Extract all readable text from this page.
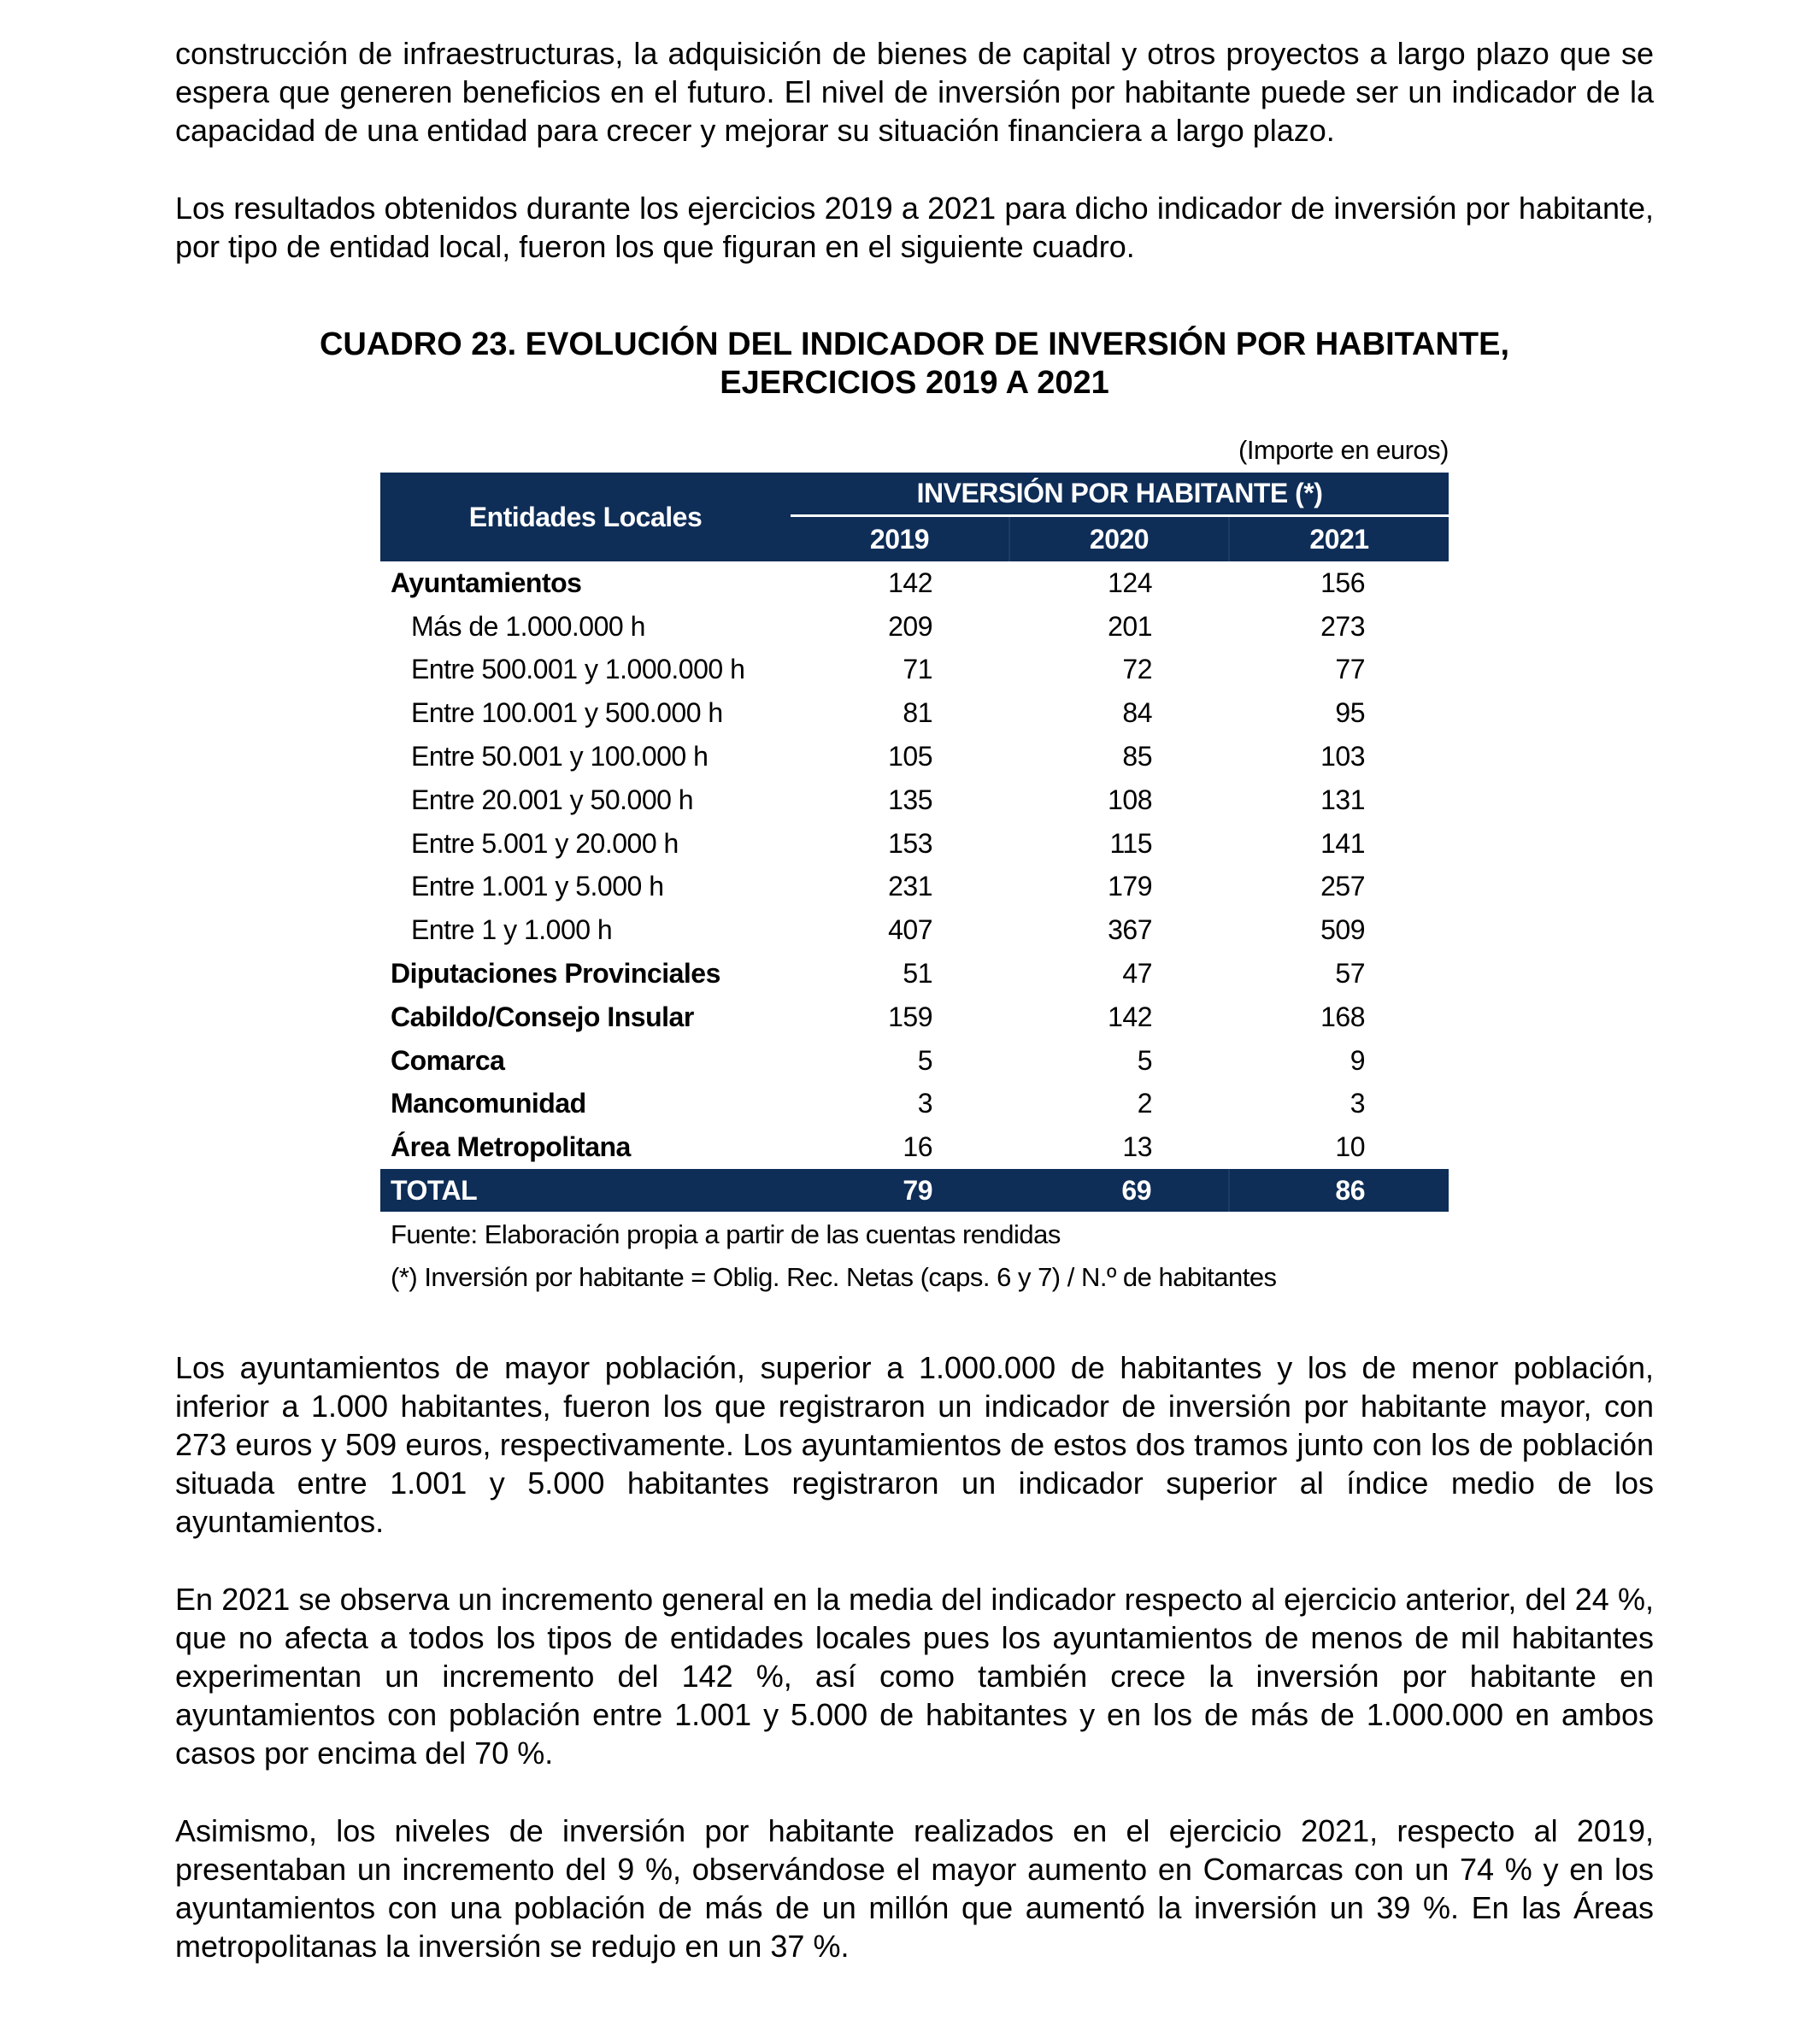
construcción de infraestructuras, la adquisición de bienes de capital y otros proyectos a largo plazo que se espera que generen beneficios en el futuro. El nivel de inversión por habitante puede ser un indicador de la capacidad de una entidad para crecer y mejorar su situación financiera a largo plazo.

Los resultados obtenidos durante los ejercicios 2019 a 2021 para dicho indicador de inversión por habitante, por tipo de entidad local, fueron los que figuran en el siguiente cuadro.

CUADRO 23. EVOLUCIÓN DEL INDICADOR DE INVERSIÓN POR HABITANTE,
EJERCICIOS 2019 A 2021
(Importe en euros)
Entidades Locales	INVERSIÓN POR HABITANTE (*)		
	2019	2020	2021
Ayuntamientos	142	124	156
Más de 1.000.000 h	209	201	273
Entre 500.001 y 1.000.000 h	71	72	77
Entre 100.001 y 500.000 h	81	84	95
Entre 50.001 y 100.000 h	105	85	103
Entre 20.001 y 50.000 h	135	108	131
Entre 5.001 y 20.000 h	153	115	141
Entre 1.001 y 5.000 h	231	179	257
Entre 1 y 1.000 h	407	367	509
Diputaciones Provinciales	51	47	57
Cabildo/Consejo Insular	159	142	168
Comarca	5	5	9
Mancomunidad	3	2	3
Área Metropolitana	16	13	10
TOTAL	79	69	86
Fuente: Elaboración propia a partir de las cuentas rendidas
(*) Inversión por habitante = Oblig. Rec. Netas (caps. 6 y 7) / N.º de habitantes

Los ayuntamientos de mayor población, superior a 1.000.000 de habitantes y los de menor población, inferior a 1.000 habitantes, fueron los que registraron un indicador de inversión por habitante mayor, con 273 euros y 509 euros, respectivamente. Los ayuntamientos de estos dos tramos junto con los de población situada entre 1.001 y 5.000 habitantes registraron un indicador superior al índice medio de los ayuntamientos.

En 2021 se observa un incremento general en la media del indicador respecto al ejercicio anterior, del 24 %, que no afecta a todos los tipos de entidades locales pues los ayuntamientos de menos de mil habitantes experimentan un incremento del 142 %, así como también crece la inversión por habitante en ayuntamientos con población entre 1.001 y 5.000 de habitantes y en los de más de 1.000.000 en ambos casos por encima del 70 %.

Asimismo, los niveles de inversión por habitante realizados en el ejercicio 2021, respecto al 2019, presentaban un incremento del 9 %, observándose el mayor aumento en Comarcas con un 74 % y en los ayuntamientos con una población de más de un millón que aumentó la inversión un 39 %. En las Áreas metropolitanas la inversión se redujo en un 37 %.
